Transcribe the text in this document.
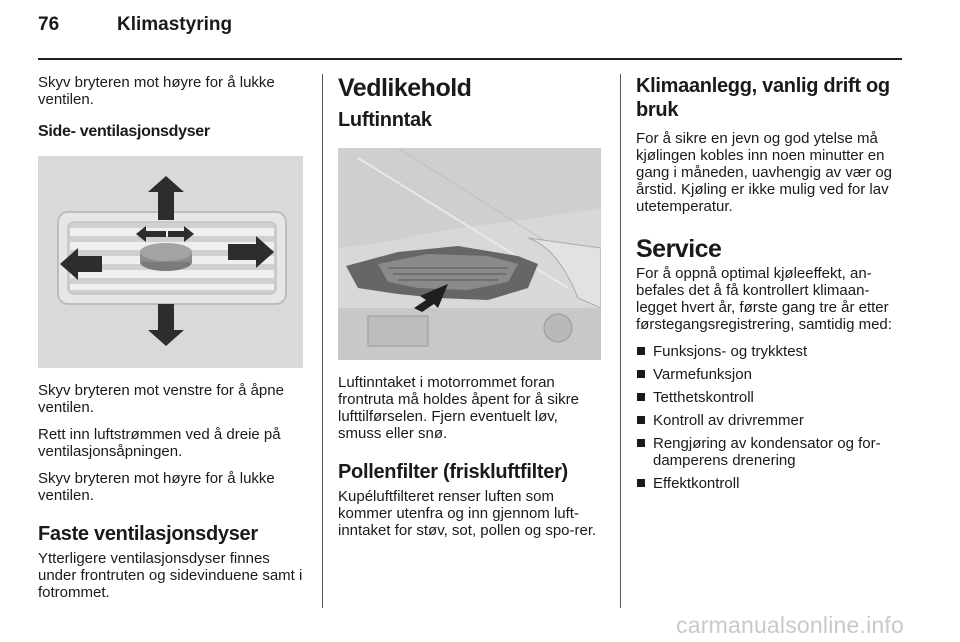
76	Klimastyring

Skyv bryteren mot høyre for å lukke ventilen.

Side- ventilasjonsdyser

Skyv bryteren mot venstre for å åpne ventilen.

Rett inn luftstrømmen ved å dreie på ventilasjonsåpningen.

Skyv bryteren mot høyre for å lukke ventilen.

Faste ventilasjonsdyser

Ytterligere ventilasjonsdyser finnes under frontruten og sidevinduene samt i fotrommet.

Vedlikehold
Luftinntak

Luftinntaket i motorrommet foran frontruta må holdes åpent for å sikre lufttilførselen. Fjern eventuelt løv, smuss eller snø.

Pollenfilter (friskluftfilter)

Kupéluftfilteret renser luften som kommer utenfra og inn gjennom luft-inntaket for støv, sot, pollen og spo-rer.

Klimaanlegg, vanlig drift og bruk

For å sikre en jevn og god ytelse må kjølingen kobles inn noen minutter en gang i måneden, uavhengig av vær og årstid. Kjøling er ikke mulig ved for lav utetemperatur.

Service

For å oppnå optimal kjøleeffekt, an-befales det å få kontrollert klimaan-legget hvert år, første gang tre år etter førstegangsregistrering, samtidig med:

Funksjons- og trykktest
Varmefunksjon
Tetthetskontroll
Kontroll av drivremmer
Rengjøring av kondensator og for-damperens drenering
Effektkontroll
carmanualsonline.info
